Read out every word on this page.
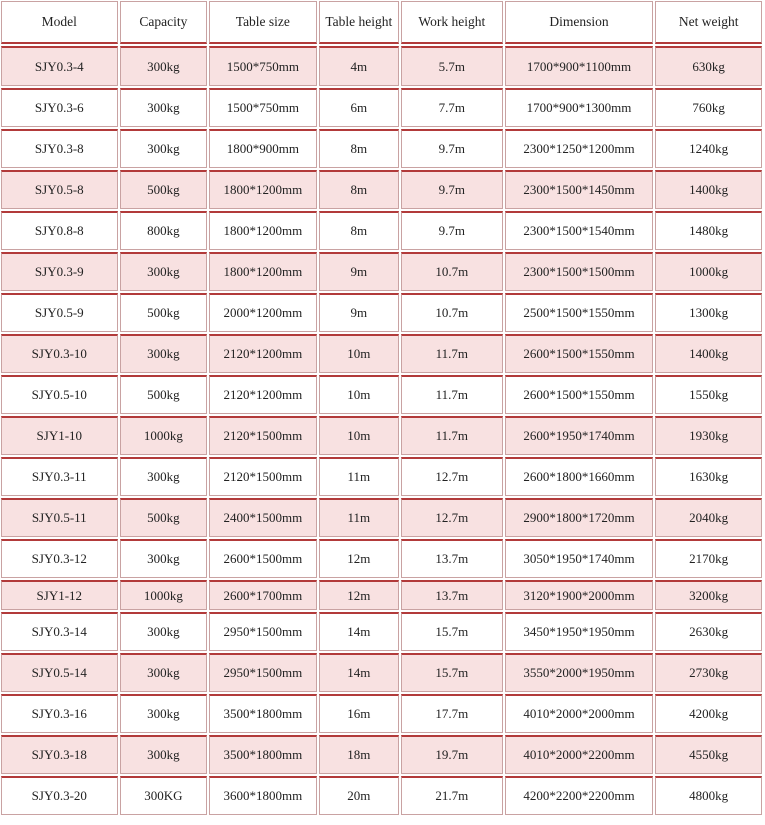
Model	Capacity	Table size	Table height	Work height	Dimension	Net weight
SJY0.3-4	300kg	1500*750mm	4m	5.7m	1700*900*1100mm	630kg
SJY0.3-6	300kg	1500*750mm	6m	7.7m	1700*900*1300mm	760kg
SJY0.3-8	300kg	1800*900mm	8m	9.7m	2300*1250*1200mm	1240kg
SJY0.5-8	500kg	1800*1200mm	8m	9.7m	2300*1500*1450mm	1400kg
SJY0.8-8	800kg	1800*1200mm	8m	9.7m	2300*1500*1540mm	1480kg
SJY0.3-9	300kg	1800*1200mm	9m	10.7m	2300*1500*1500mm	1000kg
SJY0.5-9	500kg	2000*1200mm	9m	10.7m	2500*1500*1550mm	1300kg
SJY0.3-10	300kg	2120*1200mm	10m	11.7m	2600*1500*1550mm	1400kg
SJY0.5-10	500kg	2120*1200mm	10m	11.7m	2600*1500*1550mm	1550kg
SJY1-10	1000kg	2120*1500mm	10m	11.7m	2600*1950*1740mm	1930kg
SJY0.3-11	300kg	2120*1500mm	11m	12.7m	2600*1800*1660mm	1630kg
SJY0.5-11	500kg	2400*1500mm	11m	12.7m	2900*1800*1720mm	2040kg
SJY0.3-12	300kg	2600*1500mm	12m	13.7m	3050*1950*1740mm	2170kg
SJY1-12	1000kg	2600*1700mm	12m	13.7m	3120*1900*2000mm	3200kg
SJY0.3-14	300kg	2950*1500mm	14m	15.7m	3450*1950*1950mm	2630kg
SJY0.5-14	300kg	2950*1500mm	14m	15.7m	3550*2000*1950mm	2730kg
SJY0.3-16	300kg	3500*1800mm	16m	17.7m	4010*2000*2000mm	4200kg
SJY0.3-18	300kg	3500*1800mm	18m	19.7m	4010*2000*2200mm	4550kg
SJY0.3-20	300KG	3600*1800mm	20m	21.7m	4200*2200*2200mm	4800kg
